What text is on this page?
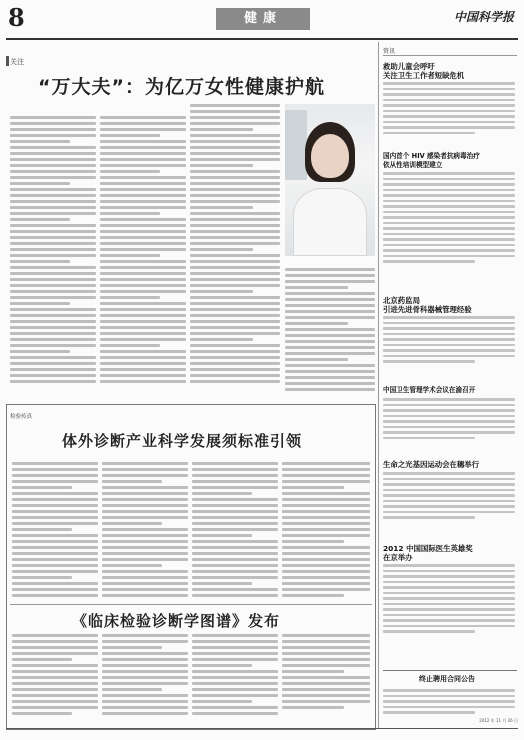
8	健康	中国科学报
关注
“万大夫”：为亿万女性健康护航
资讯
救助儿童会呼吁
关注卫生工作者短缺危机
国内首个 HIV 感染者抗病毒治疗
依从性培训模型建立
北京药监局
引进先进骨科器械管理经验
中国卫生管理学术会议在渝召开
生命之光基因运动会在穗举行
2012 中国国际医生英雄奖
在京举办
终止聘用合同公告
检验传真
体外诊断产业科学发展须标准引领
《临床检验诊断学图谱》发布
2012 年 11 月 26 日
